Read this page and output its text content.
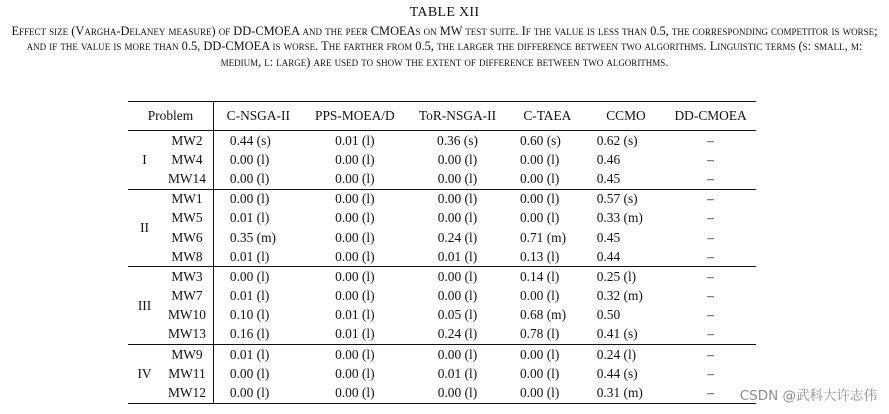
TABLE XII
Effect size (Vargha-Delaney measure) of DD-CMOEA and the peer CMOEAs on MW test suite. If the value is less than 0.5, the corresponding competitor is worse; and if the value is more than 0.5, DD-CMOEA is worse. The farther from 0.5, the larger the difference between two algorithms. Linguistic terms (s: small, m: medium, l: large) are used to show the extent of difference between two algorithms.
Problem		C-NSGA-II	PPS-MOEA/D	ToR-NSGA-II	C-TAEA	CCMO	DD-CMOEA
I	MW2	0.44 (s)	0.01 (l)	0.36 (s)	0.60 (s)	0.62 (s)	–
	MW4	0.00 (l)	0.00 (l)	0.00 (l)	0.00 (l)	0.46	–
	MW14	0.00 (l)	0.00 (l)	0.00 (l)	0.00 (l)	0.45	–
II	MW1	0.00 (l)	0.00 (l)	0.00 (l)	0.00 (l)	0.57 (s)	–
	MW5	0.01 (l)	0.00 (l)	0.00 (l)	0.00 (l)	0.33 (m)	–
	MW6	0.35 (m)	0.00 (l)	0.24 (l)	0.71 (m)	0.45	–
	MW8	0.01 (l)	0.00 (l)	0.01 (l)	0.13 (l)	0.44	–
III	MW3	0.00 (l)	0.00 (l)	0.00 (l)	0.14 (l)	0.25 (l)	–
	MW7	0.01 (l)	0.00 (l)	0.00 (l)	0.00 (l)	0.32 (m)	–
	MW10	0.10 (l)	0.01 (l)	0.05 (l)	0.68 (m)	0.50	–
	MW13	0.16 (l)	0.01 (l)	0.24 (l)	0.78 (l)	0.41 (s)	–
IV	MW9	0.01 (l)	0.00 (l)	0.00 (l)	0.00 (l)	0.24 (l)	–
	MW11	0.00 (l)	0.00 (l)	0.01 (l)	0.00 (l)	0.44 (s)	–
	MW12	0.00 (l)	0.00 (l)	0.00 (l)	0.00 (l)	0.31 (m)	– CSDN @武科大许志伟
